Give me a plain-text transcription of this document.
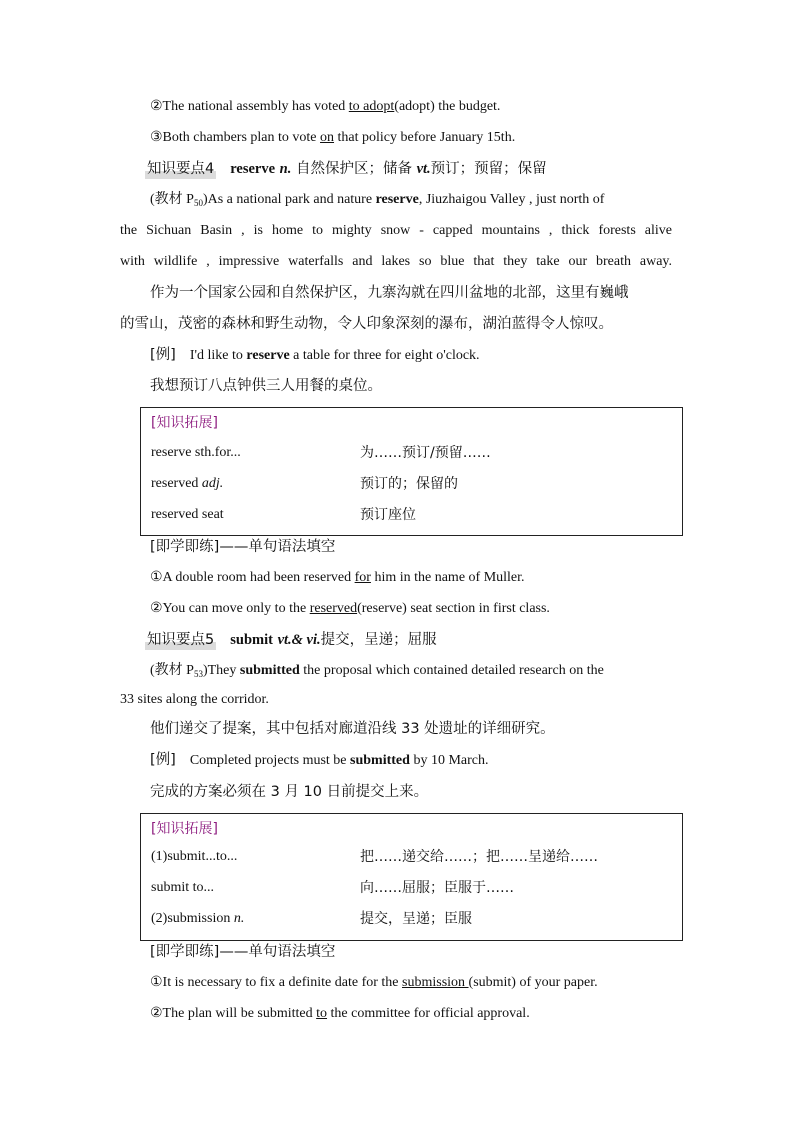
②The national assembly has voted to adopt(adopt) the budget.
③Both chambers plan to vote on that policy before January 15th.
知识要点4 reserve n. 自然保护区；储备 vt.预订；预留；保留
(教材 $P_{50})As$ a national park and nature reserve, Jiuzhaigou Valley , just north of
the Sichuan Basin , is home to mighty snow - capped mountains , thick forests alive
with wildlife , impressive waterfalls and lakes so blue that they take our breath away.
作为一个国家公园和自然保护区，九寨沟就在四川盆地的北部，这里有巍峨
的雪山，茂密的森林和野生动物，令人印象深刻的瀑布，湖泊蓝得令人惊叹。
[例] I'd like to reserve a table for three for eight o'clock.
我想预订八点钟供三人用餐的桌位。
[知识拓展]
reserve sth.for...	为……预订/预留……
reserved adj.	预订的；保留的
reserved seat	预订座位
[即学即练]——单句语法填空
①A double room had been reserved for him in the name of Muller.
②You can move only to the reserved(reserve) seat section in first class.
知识要点5 submit vt.& vi.提交，呈递；屈服
(教材 $P_{53})They$ submitted the proposal which contained detailed research on the
33 sites along the corridor.
他们递交了提案，其中包括对廊道沿线 33 处遗址的详细研究。
[例] Completed projects must be submitted by 10 March.
完成的方案必须在 3 月 10 日前提交上来。
[知识拓展]
(1)submit...to...	把……递交给……；把……呈递给……
submit to...	向……屈服；臣服于……
(2)submission n.	提交，呈递；臣服
[即学即练]——单句语法填空
①It is necessary to fix a definite date for the submission (submit) of your paper.
②The plan will be submitted to the committee for official approval.
